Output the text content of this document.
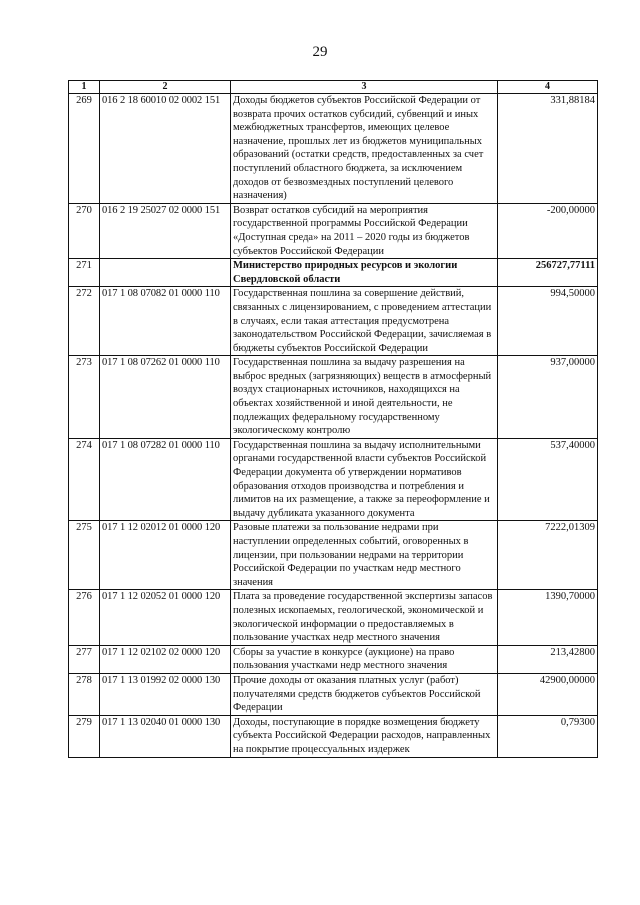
29
1	2	3	4
269	016 2 18 60010 02 0002 151	Доходы бюджетов субъектов Российской Федерации от возврата прочих остатков субсидий, субвенций и иных межбюджетных трансфертов, имеющих целевое назначение, прошлых лет из бюджетов муниципальных образований (остатки средств, предоставленных за счет поступлений областного бюджета, за исключением доходов от безвозмездных поступлений целевого назначения)	331,88184
270	016 2 19 25027 02 0000 151	Возврат остатков субсидий на мероприятия государственной программы Российской Федерации «Доступная среда» на 2011 – 2020 годы из бюджетов субъектов Российской Федерации	-200,00000
271		Министерство природных ресурсов и экологии Свердловской области	256727,77111
272	017 1 08 07082 01 0000 110	Государственная пошлина за совершение действий, связанных с лицензированием, с проведением аттестации в случаях, если такая аттестация предусмотрена законодательством Российской Федерации, зачисляемая в бюджеты субъектов Российской Федерации	994,50000
273	017 1 08 07262 01 0000 110	Государственная пошлина за выдачу разрешения на выброс вредных (загрязняющих) веществ в атмосферный воздух стационарных источников, находящихся на объектах хозяйственной и иной деятельности, не подлежащих федеральному государственному экологическому контролю	937,00000
274	017 1 08 07282 01 0000 110	Государственная пошлина за выдачу исполнительными органами государственной власти субъектов Российской Федерации документа об утверждении нормативов образования отходов производства и потребления и лимитов на их размещение, а также за переоформление и выдачу дубликата указанного документа	537,40000
275	017 1 12 02012 01 0000 120	Разовые платежи за пользование недрами при наступлении определенных событий, оговоренных в лицензии, при пользовании недрами на территории Российской Федерации по участкам недр местного значения	7222,01309
276	017 1 12 02052 01 0000 120	Плата за проведение государственной экспертизы запасов полезных ископаемых, геологической, экономической и экологической информации о предоставляемых в пользование участках недр местного значения	1390,70000
277	017 1 12 02102 02 0000 120	Сборы за участие в конкурсе (аукционе) на право пользования участками недр местного значения	213,42800
278	017 1 13 01992 02 0000 130	Прочие доходы от оказания платных услуг (работ) получателями средств бюджетов субъектов Российской Федерации	42900,00000
279	017 1 13 02040 01 0000 130	Доходы, поступающие в порядке возмещения бюджету субъекта Российской Федерации расходов, направленных на покрытие процессуальных издержек	0,79300
